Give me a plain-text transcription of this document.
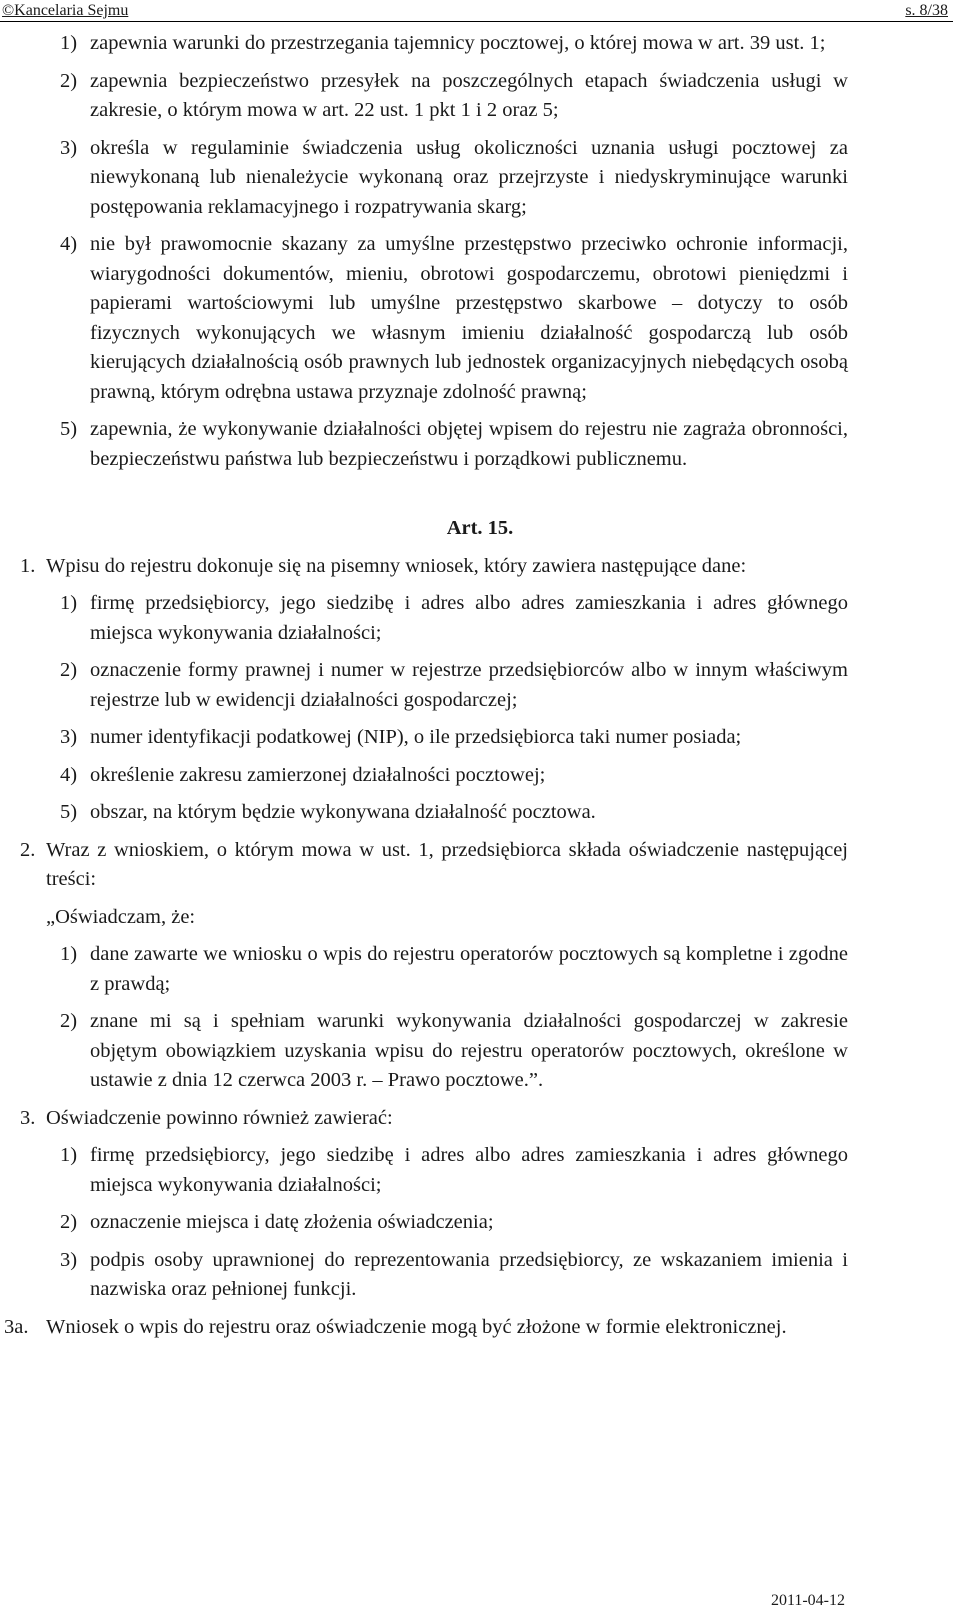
©Kancelaria Sejmu	s. 8/38
1) zapewnia warunki do przestrzegania tajemnicy pocztowej, o której mowa w art. 39 ust. 1;
2) zapewnia bezpieczeństwo przesyłek na poszczególnych etapach świadczenia usługi w zakresie, o którym mowa w art. 22 ust. 1 pkt 1 i 2 oraz 5;
3) określa w regulaminie świadczenia usług okoliczności uznania usługi pocztowej za niewykonaną lub nienależycie wykonaną oraz przejrzyste i niedyskryminujące warunki postępowania reklamacyjnego i rozpatrywania skarg;
4) nie był prawomocnie skazany za umyślne przestępstwo przeciwko ochronie informacji, wiarygodności dokumentów, mieniu, obrotowi gospodarczemu, obrotowi pieniędzmi i papierami wartościowymi lub umyślne przestępstwo skarbowe – dotyczy to osób fizycznych wykonujących we własnym imieniu działalność gospodarczą lub osób kierujących działalnością osób prawnych lub jednostek organizacyjnych niebędących osobą prawną, którym odrębna ustawa przyznaje zdolność prawną;
5) zapewnia, że wykonywanie działalności objętej wpisem do rejestru nie zagraża obronności, bezpieczeństwu państwa lub bezpieczeństwu i porządkowi publicznemu.
Art. 15.
1. Wpisu do rejestru dokonuje się na pisemny wniosek, który zawiera następujące dane:
1) firmę przedsiębiorcy, jego siedzibę i adres albo adres zamieszkania i adres głównego miejsca wykonywania działalności;
2) oznaczenie formy prawnej i numer w rejestrze przedsiębiorców albo w innym właściwym rejestrze lub w ewidencji działalności gospodarczej;
3) numer identyfikacji podatkowej (NIP), o ile przedsiębiorca taki numer posiada;
4) określenie zakresu zamierzonej działalności pocztowej;
5) obszar, na którym będzie wykonywana działalność pocztowa.
2. Wraz z wnioskiem, o którym mowa w ust. 1, przedsiębiorca składa oświadczenie następującej treści:
„Oświadczam, że:
1) dane zawarte we wniosku o wpis do rejestru operatorów pocztowych są kompletne i zgodne z prawdą;
2) znane mi są i spełniam warunki wykonywania działalności gospodarczej w zakresie objętym obowiązkiem uzyskania wpisu do rejestru operatorów pocztowych, określone w ustawie z dnia 12 czerwca 2003 r. – Prawo pocztowe.”.
3. Oświadczenie powinno również zawierać:
1) firmę przedsiębiorcy, jego siedzibę i adres albo adres zamieszkania i adres głównego miejsca wykonywania działalności;
2) oznaczenie miejsca i datę złożenia oświadczenia;
3) podpis osoby uprawnionej do reprezentowania przedsiębiorcy, ze wskazaniem imienia i nazwiska oraz pełnionej funkcji.
3a. Wniosek o wpis do rejestru oraz oświadczenie mogą być złożone w formie elektronicznej.
2011-04-12
